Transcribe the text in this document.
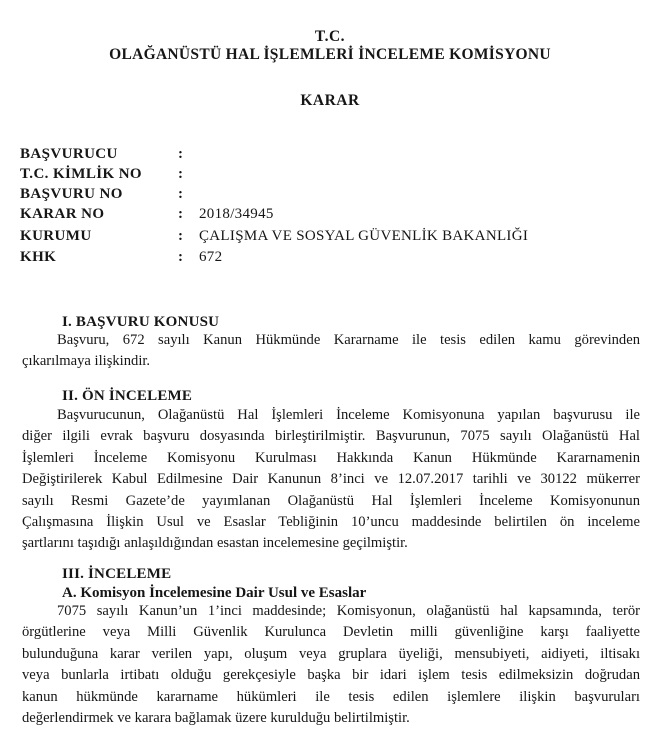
T.C.
OLAĞANÜSTÜ HAL İŞLEMLERİ İNCELEME KOMİSYONU
KARAR
BAŞVURUCU	:
T.C. KİMLİK NO :
BAŞVURU NO	:
KARAR NO	: 2018/34945
KURUMU	: ÇALIŞMA VE SOSYAL GÜVENLİK BAKANLIĞI
KHK	: 672
I. BAŞVURU KONUSU
Başvuru, 672 sayılı Kanun Hükmünde Kararname ile tesis edilen kamu görevinden
çıkarılmaya ilişkindir.
II. ÖN İNCELEME
Başvurucunun, Olağanüstü Hal İşlemleri İnceleme Komisyonuna yapılan başvurusu ile
diğer ilgili evrak başvuru dosyasında birleştirilmiştir. Başvurunun, 7075 sayılı Olağanüstü Hal
İşlemleri İnceleme Komisyonu Kurulması Hakkında Kanun Hükmünde Kararnamenin
Değiştirilerek Kabul Edilmesine Dair Kanunun 8’inci ve 12.07.2017 tarihli ve 30122 mükerrer
sayılı Resmi Gazete’de yayımlanan Olağanüstü Hal İşlemleri İnceleme Komisyonunun
Çalışmasına İlişkin Usul ve Esaslar Tebliğinin 10’uncu maddesinde belirtilen ön inceleme
şartlarını taşıdığı anlaşıldığından esastan incelemesine geçilmiştir.
III. İNCELEME
A. Komisyon İncelemesine Dair Usul ve Esaslar
7075 sayılı Kanun’un 1’inci maddesinde; Komisyonun, olağanüstü hal kapsamında, terör
örgütlerine veya Milli Güvenlik Kurulunca Devletin milli güvenliğine karşı faaliyette
bulunduğuna karar verilen yapı, oluşum veya gruplara üyeliği, mensubiyeti, aidiyeti, iltisakı
veya bunlarla irtibatı olduğu gerekçesiyle başka bir idari işlem tesis edilmeksizin doğrudan
kanun hükmünde kararname hükümleri ile tesis edilen işlemlere ilişkin başvuruları
değerlendirmek ve karara bağlamak üzere kurulduğu belirtilmiştir.
